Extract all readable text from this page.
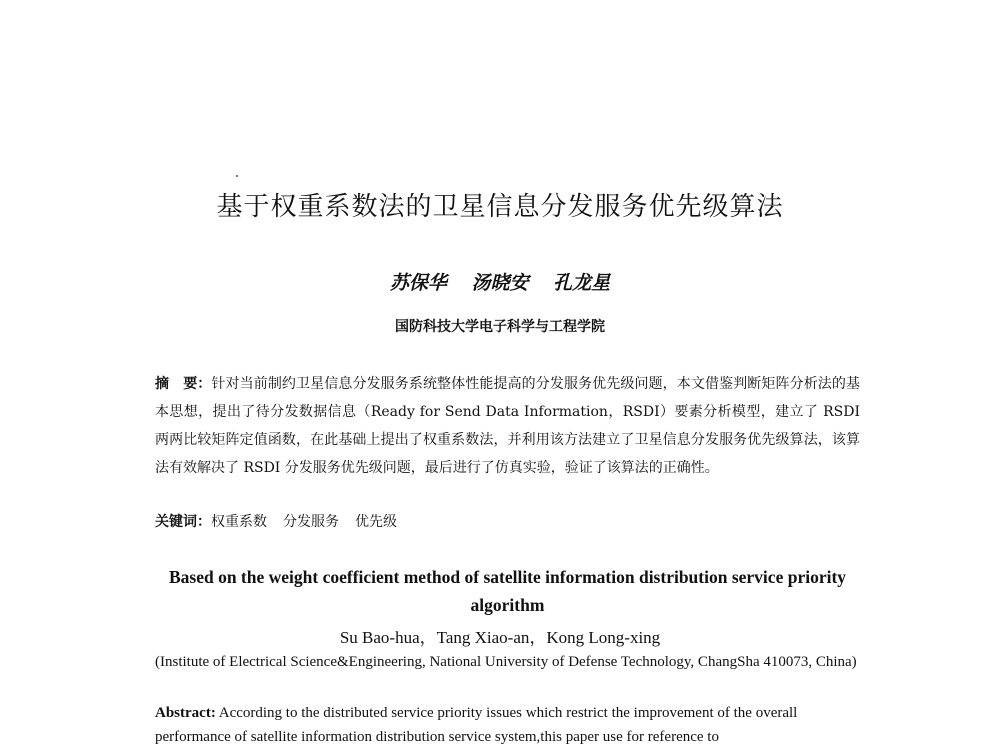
基于权重系数法的卫星信息分发服务优先级算法
苏保华 汤晓安 孔龙星
国防科技大学电子科学与工程学院
摘　要：针对当前制约卫星信息分发服务系统整体性能提高的分发服务优先级问题，本文借鉴判断矩阵分析法的基本思想，提出了待分发数据信息（Ready for Send Data Information，RSDI）要素分析模型，建立了 RSDI 两两比较矩阵定值函数，在此基础上提出了权重系数法，并利用该方法建立了卫星信息分发服务优先级算法，该算法有效解决了 RSDI 分发服务优先级问题，最后进行了仿真实验，验证了该算法的正确性。
关键词：权重系数 分发服务 优先级
Based on the weight coefficient method of satellite information distribution service priority algorithm
Su Bao-hua，Tang Xiao-an，Kong Long-xing
(Institute of Electrical Science&Engineering, National University of Defense Technology, ChangSha 410073, China)
Abstract: According to the distributed service priority issues which restrict the improvement of the overall performance of satellite information distribution service system,this paper use for reference to
